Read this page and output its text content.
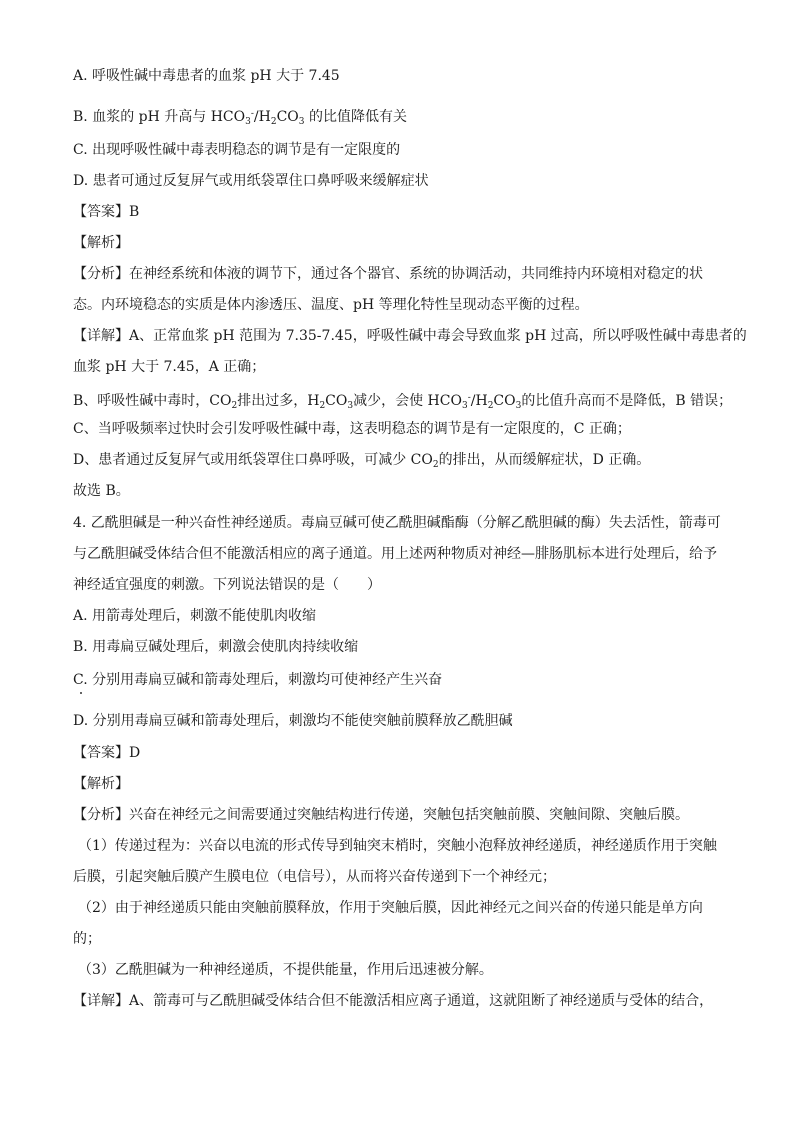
A. 呼吸性碱中毒患者的血浆 pH 大于 7.45
B. 血浆的 pH 升高与 $HCO_3^-/H_2CO_3$ 的比值降低有关
C. 出现呼吸性碱中毒表明稳态的调节是有一定限度的
D. 患者可通过反复屏气或用纸袋罩住口鼻呼吸来缓解症状
【答案】B
【解析】
【分析】在神经系统和体液的调节下，通过各个器官、系统的协调活动，共同维持内环境相对稳定的状
态。内环境稳态的实质是体内渗透压、温度、pH 等理化特性呈现动态平衡的过程。
【详解】A、正常血浆 pH 范围为 7.35-7.45，呼吸性碱中毒会导致血浆 pH 过高，所以呼吸性碱中毒患者的
血浆 pH 大于 7.45，A 正确；
B、呼吸性碱中毒时，$CO_2$排出过多，$H_2CO_3$减少，会使 $HCO_3^-/H_2CO_3$的比值升高而不是降低，B 错误；
C、当呼吸频率过快时会引发呼吸性碱中毒，这表明稳态的调节是有一定限度的，C 正确；
D、患者通过反复屏气或用纸袋罩住口鼻呼吸，可减少 $CO_2$的排出，从而缓解症状，D 正确。
故选 B。
4. 乙酰胆碱是一种兴奋性神经递质。毒扁豆碱可使乙酰胆碱酯酶（分解乙酰胆碱的酶）失去活性，箭毒可
与乙酰胆碱受体结合但不能激活相应的离子通道。用上述两种物质对神经—腓肠肌标本进行处理后，给予
神经适宜强度的刺激。下列说法错误的是（　　）
A. 用箭毒处理后，刺激不能使肌肉收缩
B. 用毒扁豆碱处理后，刺激会使肌肉持续收缩
C. 分别用毒扁豆碱和箭毒处理后，刺激均可使神经产生兴奋
D. 分别用毒扁豆碱和箭毒处理后，刺激均不能使突触前膜释放乙酰胆碱
【答案】D
【解析】
【分析】兴奋在神经元之间需要通过突触结构进行传递，突触包括突触前膜、突触间隙、突触后膜。
（1）传递过程为：兴奋以电流的形式传导到轴突末梢时，突触小泡释放神经递质，神经递质作用于突触
后膜，引起突触后膜产生膜电位（电信号），从而将兴奋传递到下一个神经元；
（2）由于神经递质只能由突触前膜释放，作用于突触后膜，因此神经元之间兴奋的传递只能是单方向
的；
（3）乙酰胆碱为一种神经递质，不提供能量，作用后迅速被分解。
【详解】A、箭毒可与乙酰胆碱受体结合但不能激活相应离子通道，这就阻断了神经递质与受体的结合，
